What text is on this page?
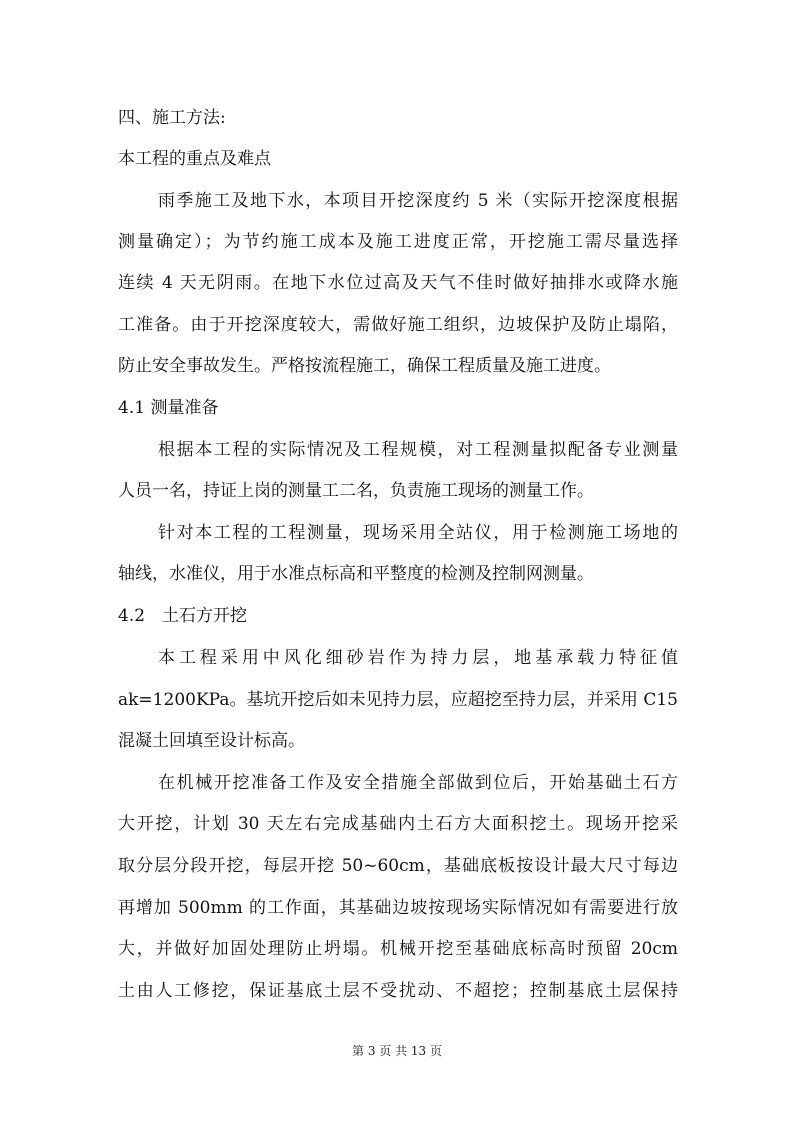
四、施工方法:
本工程的重点及难点
雨季施工及地下水，本项目开挖深度约 5 米（实际开挖深度根据
测量确定）；为节约施工成本及施工进度正常，开挖施工需尽量选择
连续 4 天无阴雨。在地下水位过高及天气不佳时做好抽排水或降水施
工准备。由于开挖深度较大，需做好施工组织，边坡保护及防止塌陷，
防止安全事故发生。严格按流程施工，确保工程质量及施工进度。
4.1 测量准备
根据本工程的实际情况及工程规模，对工程测量拟配备专业测量
人员一名，持证上岗的测量工二名，负责施工现场的测量工作。
针对本工程的工程测量，现场采用全站仪，用于检测施工场地的
轴线，水准仪，用于水准点标高和平整度的检测及控制网测量。
4.2　土石方开挖
本工程采用中风化细砂岩作为持力层，地基承载力特征值
ak=1200KPa。基坑开挖后如未见持力层，应超挖至持力层，并采用 C15
混凝土回填至设计标高。
在机械开挖准备工作及安全措施全部做到位后，开始基础土石方
大开挖，计划 30 天左右完成基础内土石方大面积挖土。现场开挖采
取分层分段开挖，每层开挖 50~60cm，基础底板按设计最大尺寸每边
再增加 500mm 的工作面，其基础边坡按现场实际情况如有需要进行放
大，并做好加固处理防止坍塌。机械开挖至基础底标高时预留 20cm
土由人工修挖，保证基底土层不受扰动、不超挖；控制基底土层保持
第 3 页 共 13 页
